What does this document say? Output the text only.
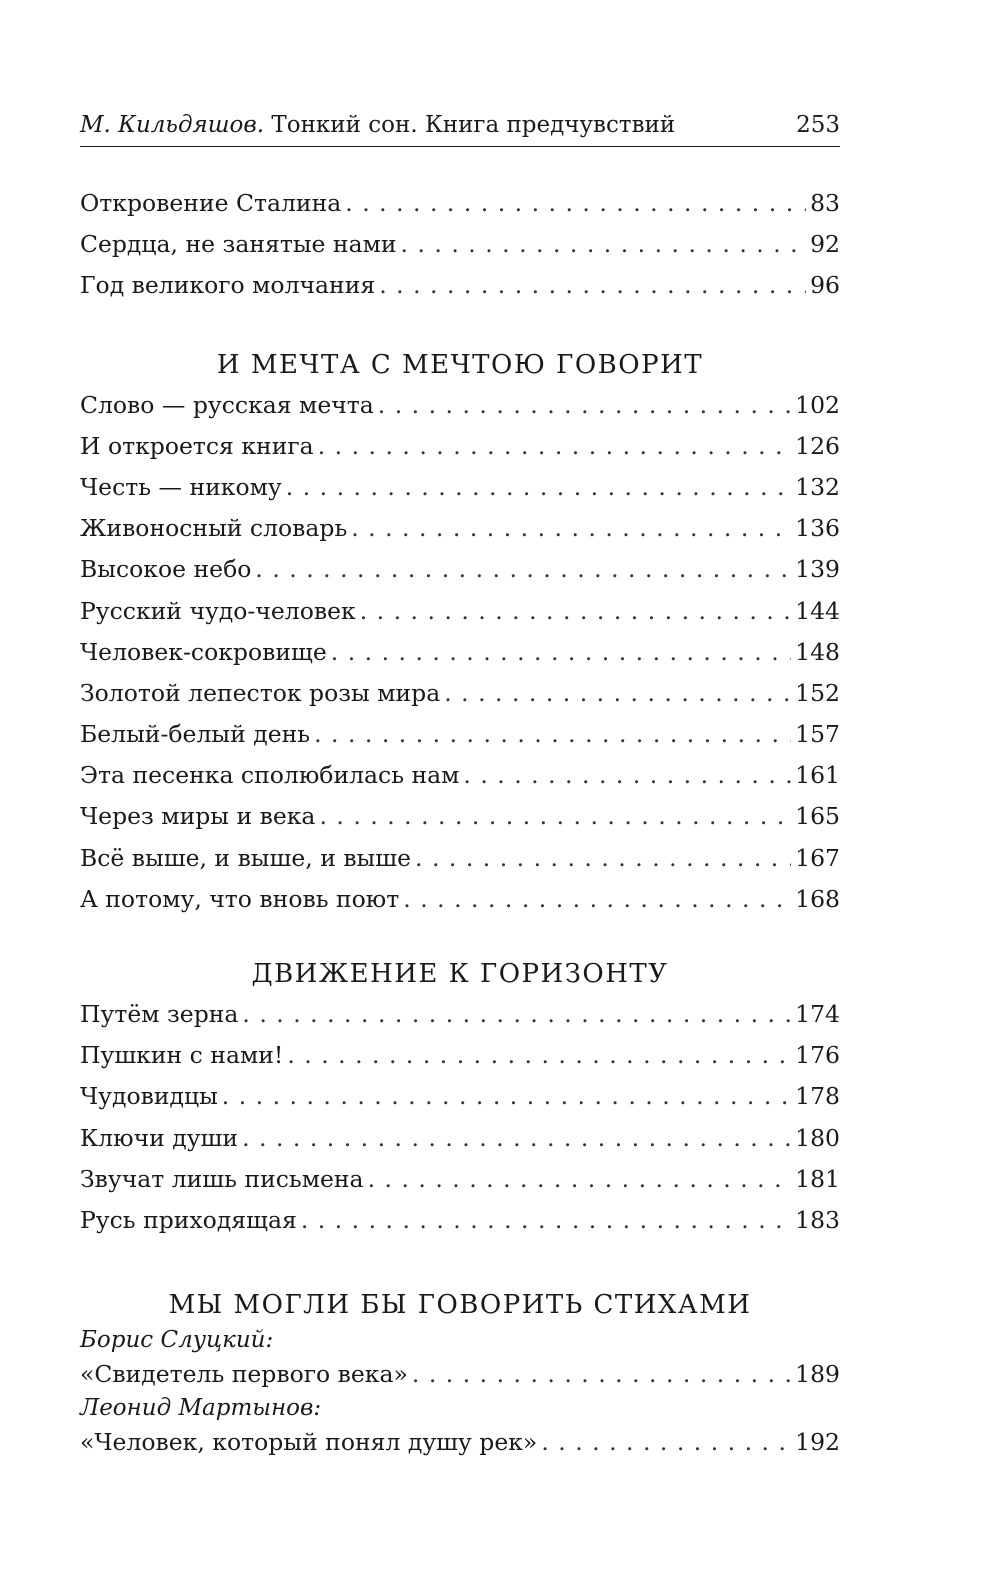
М. Кильдяшов. Тонкий сон. Книга предчувствий	253
Откровение Сталина . . .	83
Сердца, не занятые нами . . .	92
Год великого молчания . . .	96
И МЕЧТА С МЕЧТОЮ ГОВОРИТ
Слово — русская мечта . . .	102
И откроется книга . . .	126
Честь — никому . . .	132
Живоносный словарь . . .	136
Высокое небо . . .	139
Русский чудо-человек . . .	144
Человек-сокровище . . .	148
Золотой лепесток розы мира . . .	152
Белый-белый день . . .	157
Эта песенка сполюбилась нам . . .	161
Через миры и века . . .	165
Всё выше, и выше, и выше . . .	167
А потому, что вновь поют . . .	168
ДВИЖЕНИЕ К ГОРИЗОНТУ
Путём зерна . . .	174
Пушкин с нами! . . .	176
Чудовидцы . . .	178
Ключи души . . .	180
Звучат лишь письмена . . .	181
Русь приходящая . . .	183
МЫ МОГЛИ БЫ ГОВОРИТЬ СТИХАМИ
Борис Слуцкий:
«Свидетель первого века» . . .	189
Леонид Мартынов:
«Человек, который понял душу рек» . . .	192
